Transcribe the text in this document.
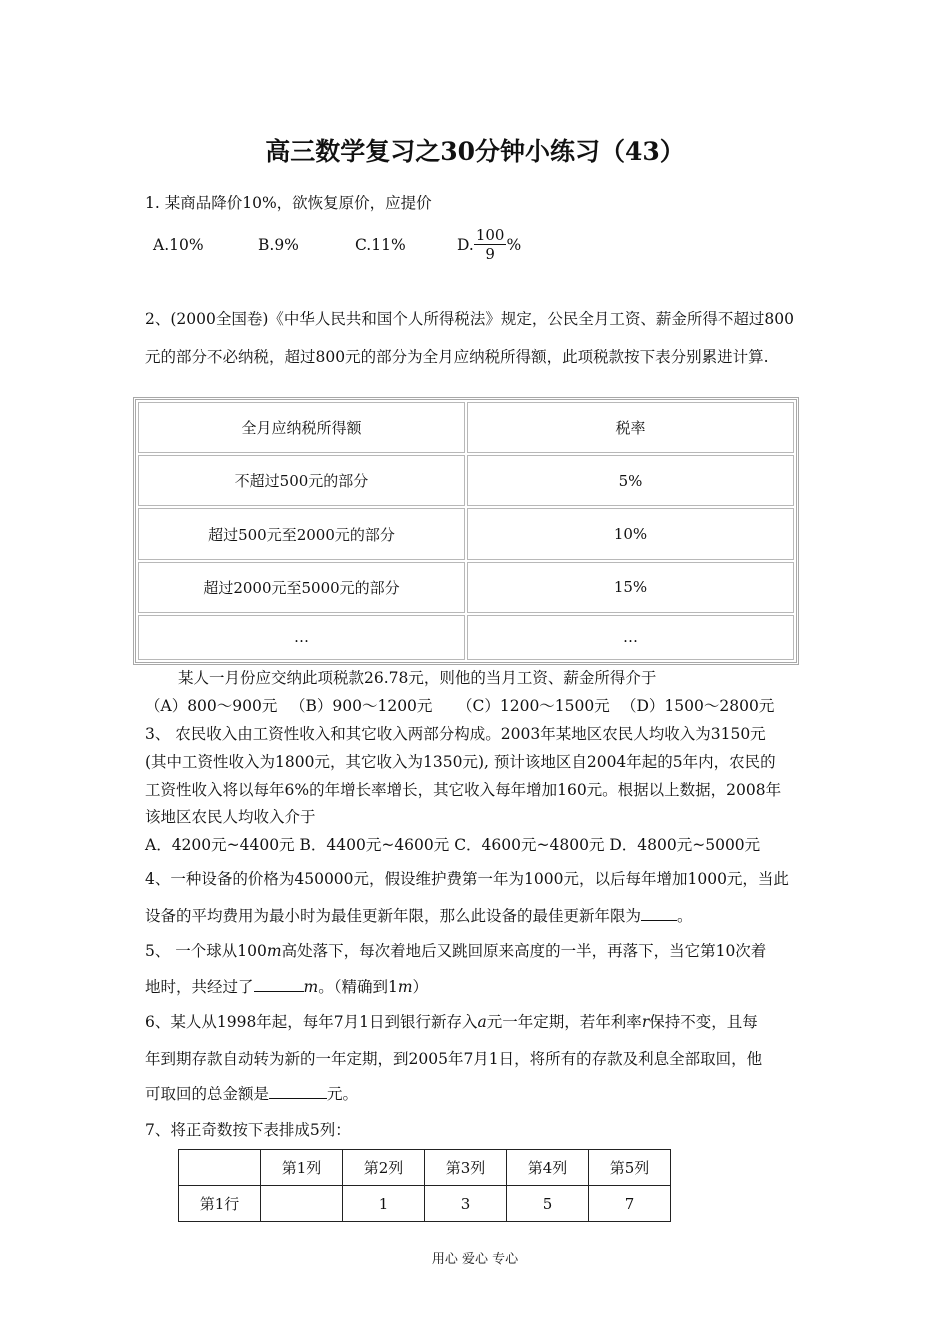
高三数学复习之30分钟小练习（43）
1. 某商品降价10%，欲恢复原价，应提价
A.10%	B.9%	C.11%	D. $\frac{100}{9}$ %
2、(2000全国卷)《中华人民共和国个人所得税法》规定，公民全月工资、薪金所得不超过800
元的部分不必纳税，超过800元的部分为全月应纳税所得额，此项税款按下表分别累进计算.
全月应纳税所得额	税率
不超过500元的部分	5%
超过500元至2000元的部分	10%
超过2000元至5000元的部分	15%
…	…
某人一月份应交纳此项税款26.78元，则他的当月工资、薪金所得介于
（A）800～900元 （B）900～1200元 （C）1200～1500元 （D）1500～2800元
3、 农民收入由工资性收入和其它收入两部分构成。2003年某地区农民人均收入为3150元
(其中工资性收入为1800元，其它收入为1350元), 预计该地区自2004年起的5年内，农民的
工资性收入将以每年6%的年增长率增长，其它收入每年增加160元。根据以上数据，2008年
该地区农民人均收入介于
A．4200元~4400元 B．4400元~4600元 C．4600元~4800元 D．4800元~5000元
4、一种设备的价格为450000元，假设维护费第一年为1000元，以后每年增加1000元，当此
设备的平均费用为最小时为最佳更新年限，那么此设备的最佳更新年限为 。
5、 一个球从100m高处落下，每次着地后又跳回原来高度的一半，再落下，当它第10次着
地时，共经过了	m。（精确到1m）
6、某人从1998年起，每年7月1日到银行新存入a元一年定期，若年利率r保持不变，且每
年到期存款自动转为新的一年定期，到2005年7月1日，将所有的存款及利息全部取回，他
可取回的总金额是	元。
7、将正奇数按下表排成5列：
	第1列	第2列	第3列	第4列	第5列
第1行		1	3	5	7
用心 爱心 专心
